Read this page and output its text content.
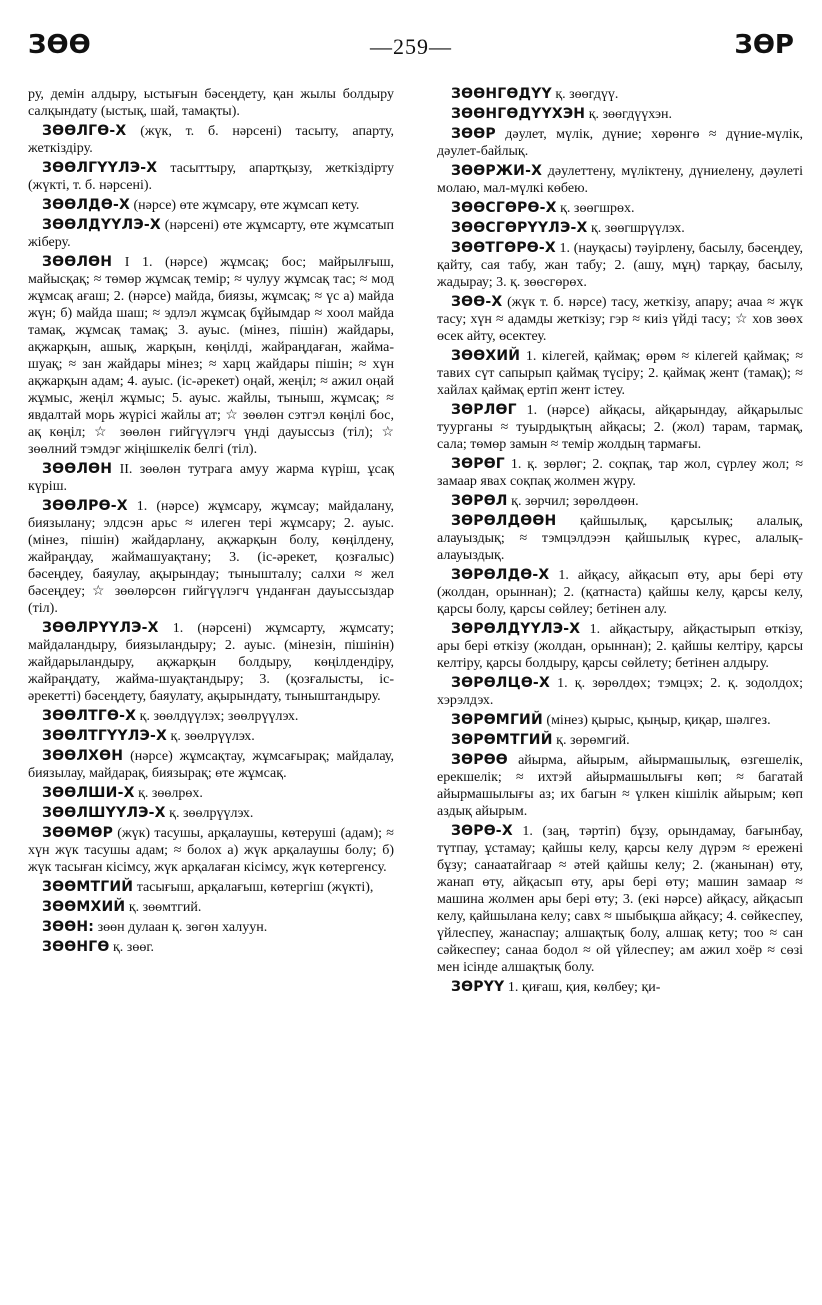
ЗӨӨ	—259—	ЗӨР

ру, демін алдыру, ыстығын бәсеңдету, қан жылы болдыру салқындату (ыстық, шай, тамақты).

ЗӨӨЛГӨ-Х (жүк, т. б. нәрсені) тасыту, апарту, жеткіздіру.

ЗӨӨЛГҮҮЛЭ-Х тасыттыру, апартқызу, жеткіздірту (жүкті, т. б. нәрсені).

ЗӨӨЛДӨ-Х (нәрсе) өте жұмсару, өте жұмсап кету.

ЗӨӨЛДҮҮЛЭ-Х (нәрсені) өте жұмсарту, өте жұмсатып жіберу.

ЗӨӨЛӨН I 1. (нәрсе) жұмсақ; бос; майрылғыш, майысқақ; ≈ төмөр жұмсақ темір; ≈ чулуу жұмсақ тас; ≈ мод жұмсақ ағаш; 2. (нәрсе) майда, биязы, жұмсақ; ≈ үс а) майда жүн; б) майда шаш; ≈ эдлэл жұмсақ бұйымдар ≈ хоол майда тамақ, жұмсақ тамақ; 3. ауыс. (мінез, пішін) жайдары, ақжарқын, ашық, жарқын, көңілді, жайраңдаған, жайма-шуақ; ≈ зан жайдары мінез; ≈ харц жайдары пішін; ≈ хүн ақжарқын адам; 4. ауыс. (іс-әрекет) оңай, жеңіл; ≈ ажил оңай жұмыс, жеңіл жұмыс; 5. ауыс. жайлы, тыныш, жұмсақ; ≈ явдалтай морь жүрісі жайлы ат; ☆ зөөлөн сэтгэл көңілі бос, ақ көңіл; ☆ зөөлөн гийгүүлэгч үнді дауыссыз (тіл); ☆ зөөлний тэмдэг жіңішкелік белгі (тіл).

ЗӨӨЛӨН II. зөөлөн тутрага амуу жарма күріш, ұсақ күріш.

ЗӨӨЛРӨ-Х 1. (нәрсе) жұмсару, жұмсау; майдалану, биязылану; элдсэн арьс ≈ илеген тері жұмсару; 2. ауыс. (мінез, пішін) жайдарлану, ақжарқын болу, көңілдену, жайраңдау, жаймашуақтану; 3. (іс-әрекет, қозғалыс) бәсеңдеу, баяулау, ақырындау; тынышталу; салхи ≈ жел бәсеңдеу; ☆ зөөлөрсөн гийгүүлэгч үнданған дауыссыздар (тіл).

ЗӨӨЛРҮҮЛЭ-Х 1. (нәрсені) жұмсарту, жұмсату; майдаландыру, биязыландыру; 2. ауыс. (мінезін, пішінін) жайдарыландыру, ақжарқын болдыру, көңілдендіру, жайраңдату, жайма-шуақтандыру; 3. (қозғалысты, іс-әрекетті) бәсеңдету, баяулату, ақырындату, тыныштандыру.

ЗӨӨЛТГӨ-Х қ. зөөлдүүлэх; зөөлрүүлэх.

ЗӨӨЛТГҮҮЛЭ-Х қ. зөөлрүүлэх.

ЗӨӨЛХӨН (нәрсе) жұмсақтау, жұмсағырақ; майдалау, биязылау, майдарақ, биязырақ; өте жұмсақ.

ЗӨӨЛШИ-Х қ. зөөлрөх.

ЗӨӨЛШҮҮЛЭ-Х қ. зөөлрүүлэх.

ЗӨӨМӨР (жүк) тасушы, арқалаушы, көтеруші (адам); ≈ хүн жүк тасушы адам; ≈ болох а) жүк арқалаушы болу; б) жүк тасыған кісімсу, жүк арқалаған кісімсу, жүк көтергенсу.

ЗӨӨМТГИЙ тасығыш, арқалағыш, көтергіш (жүкті),

ЗӨӨМХИЙ қ. зөөмтгий.

ЗӨӨН: зөөн дулаан қ. зөгөн халуун.

ЗӨӨНГӨ қ. зөөг.

ЗӨӨНГӨДҮҮ қ. зөөгдүү.

ЗӨӨНГӨДҮҮХЭН қ. зөөгдүүхэн.

ЗӨӨР дәулет, мүлік, дүние; хөрөнгө ≈ дүние-мүлік, дәулет-байлық.

ЗӨӨРЖИ-Х дәулеттену, мүліктену, дүниелену, дәулеті молаю, мал-мүлкі көбею.

ЗӨӨСГӨРӨ-Х қ. зөөгшрөх.

ЗӨӨСГӨРҮҮЛЭ-Х қ. зөөгшрүүлэх.

ЗӨӨТГӨРӨ-Х 1. (науқасы) тәуірлену, басылу, бәсеңдеу, қайту, сая табу, жан табу; 2. (ашу, мұң) тарқау, басылу, жадырау; 3. қ. зөөсгөрөх.

ЗӨӨ-Х (жүк т. б. нәрсе) тасу, жеткізу, апару; ачаа ≈ жүк тасу; хүн ≈ адамды жеткізу; гэр ≈ киіз үйді тасу; ☆ хов зөөх өсек айту, өсектеу.

ЗӨӨХИЙ 1. кілегей, қаймақ; өрөм ≈ кілегей қаймақ; ≈ тавих сүт сапырып қаймақ түсіру; 2. қаймақ жент (тамақ); ≈ хайлах қаймақ ертіп жент істеу.

ЗӨРЛӨГ 1. (нәрсе) айқасы, айқарындау, айқарылыс туурганы ≈ туырдықтың айқасы; 2. (жол) тарам, тармақ, сала; төмөр замын ≈ темір жолдың тармағы.

ЗӨРӨГ 1. қ. зөрлөг; 2. соқпақ, тар жол, сүрлеу жол; ≈ замаар явах соқпақ жолмен жүру.

ЗӨРӨЛ қ. зөрчил; зөрөлдөөн.

ЗӨРӨЛДӨӨН қайшылық, қарсылық; алалық, алауыздық; ≈ тэмцэлдээн қайшылық күрес, алалық-алауыздық.

ЗӨРӨЛДӨ-Х 1. айқасу, айқасып өту, ары бері өту (жолдан, орыннан); 2. (қатнаста) қайшы келу, қарсы келу, қарсы болу, қарсы сөйлеу; бетінен алу.

ЗӨРӨЛДҮҮЛЭ-Х 1. айқастыру, айқастырып өткізу, ары бері өткізу (жолдан, орыннан); 2. қайшы келтіру, қарсы келтіру, қарсы болдыру, қарсы сөйлету; бетінен алдыру.

ЗӨРӨЛЦӨ-Х 1. қ. зөрөлдөх; тэмцэх; 2. қ. зодолдох; хэрэлдэх.

ЗӨРӨМГИЙ (мінез) қырыс, қыңыр, қиқар, шәлгез.

ЗӨРӨМТГИЙ қ. зөрөмгий.

ЗӨРӨӨ айырма, айырым, айырмашылық, өзгешелік, ерекшелік; ≈ ихтэй айырмашылығы көп; ≈ багатай айырмашылығы аз; их багын ≈ үлкен кішілік айырым; көп аздық айырым.

ЗӨРӨ-Х 1. (заң, тәртіп) бұзу, орындамау, бағынбау, түтпау, ұстамау; қайшы келу, қарсы келу дүрэм ≈ ережені бұзу; санаатайгаар ≈ әтей қайшы келу; 2. (жанынан) өту, жанап өту, айқасып өту, ары бері өту; машин замаар ≈ машина жолмен ары бері өту; 3. (екі нәрсе) айқасу, айқасып келу, қайшылана келу; савх ≈ шыбықша айқасу; 4. сөйкеспеу, үйлеспеу, жанаспау; алшақтық болу, алшақ кету; тоо ≈ сан сәйкеспеу; санаа бодол ≈ ой үйлеспеу; ам ажил хоёр ≈ сөзі мен ісінде алшақтық болу.

ЗӨРҮҮ 1. қиғаш, қия, көлбеу; қи-
